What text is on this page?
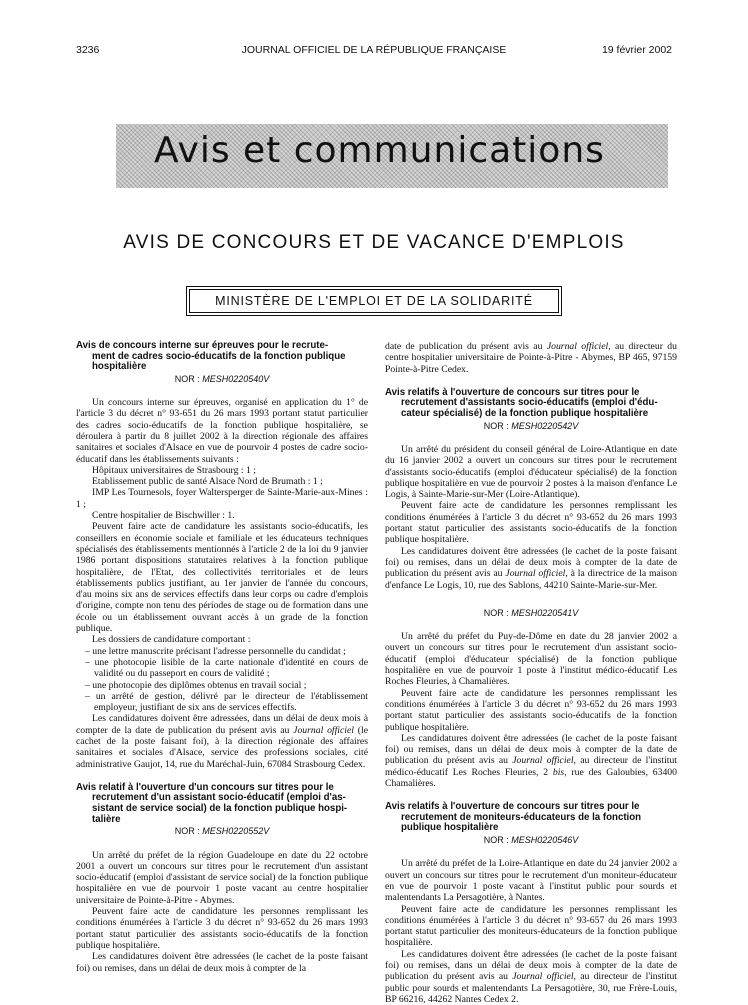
3236	JOURNAL OFFICIEL DE LA RÉPUBLIQUE FRANÇAISE	19 février 2002
Avis et communications
AVIS DE CONCOURS ET DE VACANCE D'EMPLOIS
MINISTÈRE DE L'EMPLOI ET DE LA SOLIDARITÉ
Avis de concours interne sur épreuves pour le recrute-
ment de cadres socio-éducatifs de la fonction publique
hospitalière
NOR : MESH0220540V

Un concours interne sur épreuves, organisé en application du 1° de l'article 3 du décret n° 93-651 du 26 mars 1993 portant statut particulier des cadres socio-éducatifs de la fonction publique hospitalière, se déroulera à partir du 8 juillet 2002 à la direction régionale des affaires sanitaires et sociales d'Alsace en vue de pourvoir 4 postes de cadre socio-éducatif dans les établissements suivants :

Hôpitaux universitaires de Strasbourg : 1 ;

Etablissement public de santé Alsace Nord de Brumath : 1 ;

IMP Les Tournesols, foyer Waltersperger de Sainte-Marie-aux-Mines : 1 ;

Centre hospitalier de Bischwiller : 1.

Peuvent faire acte de candidature les assistants socio-éducatifs, les conseillers en économie sociale et familiale et les éducateurs techniques spécialisés des établissements mentionnés à l'article 2 de la loi du 9 janvier 1986 portant dispositions statutaires relatives à la fonction publique hospitalière, de l'Etat, des collectivités territoriales et de leurs établissements publics justifiant, au 1er janvier de l'année du concours, d'au moins six ans de services effectifs dans leur corps ou cadre d'emplois d'origine, compte non tenu des périodes de stage ou de formation dans une école ou un établissement ouvrant accès à un grade de la fonction publique.

Les dossiers de candidature comportant :

– une lettre manuscrite précisant l'adresse personnelle du candidat ;

– une photocopie lisible de la carte nationale d'identité en cours de validité ou du passeport en cours de validité ;

– une photocopie des diplômes obtenus en travail social ;

– un arrêté de gestion, délivré par le directeur de l'établissement employeur, justifiant de six ans de services effectifs.

Les candidatures doivent être adressées, dans un délai de deux mois à compter de la date de publication du présent avis au Journal officiel (le cachet de la poste faisant foi), à la direction régionale des affaires sanitaires et sociales d'Alsace, service des professions sociales, cité administrative Gaujot, 14, rue du Maréchal-Juin, 67084 Strasbourg Cedex.

Avis relatif à l'ouverture d'un concours sur titres pour le
recrutement d'un assistant socio-éducatif (emploi d'as-
sistant de service social) de la fonction publique hospi-
talière
NOR : MESH0220552V

Un arrêté du préfet de la région Guadeloupe en date du 22 octobre 2001 a ouvert un concours sur titres pour le recrutement d'un assistant socio-éducatif (emploi d'assistant de service social) de la fonction publique hospitalière en vue de pourvoir 1 poste vacant au centre hospitalier universitaire de Pointe-à-Pitre - Abymes.

Peuvent faire acte de candidature les personnes remplissant les conditions énumérées à l'article 3 du décret n° 93-652 du 26 mars 1993 portant statut particulier des assistants socio-éducatifs de la fonction publique hospitalière.

Les candidatures doivent être adressées (le cachet de la poste faisant foi) ou remises, dans un délai de deux mois à compter de la

date de publication du présent avis au Journal officiel, au directeur du centre hospitalier universitaire de Pointe-à-Pitre - Abymes, BP 465, 97159 Pointe-à-Pitre Cedex.

Avis relatifs à l'ouverture de concours sur titres pour le
recrutement d'assistants socio-éducatifs (emploi d'édu-
cateur spécialisé) de la fonction publique hospitalière
NOR : MESH0220542V

Un arrêté du président du conseil général de Loire-Atlantique en date du 16 janvier 2002 a ouvert un concours sur titres pour le recrutement d'assistants socio-éducatifs (emploi d'éducateur spécialisé) de la fonction publique hospitalière en vue de pourvoir 2 postes à la maison d'enfance Le Logis, à Sainte-Marie-sur-Mer (Loire-Atlantique).

Peuvent faire acte de candidature les personnes remplissant les conditions énumérées à l'article 3 du décret n° 93-652 du 26 mars 1993 portant statut particulier des assistants socio-éducatifs de la fonction publique hospitalière.

Les candidatures doivent être adressées (le cachet de la poste faisant foi) ou remises, dans un délai de deux mois à compter de la date de publication du présent avis au Journal officiel, à la directrice de la maison d'enfance Le Logis, 10, rue des Sablons, 44210 Sainte-Marie-sur-Mer.

NOR : MESH0220541V

Un arrêté du préfet du Puy-de-Dôme en date du 28 janvier 2002 a ouvert un concours sur titres pour le recrutement d'un assistant socio-éducatif (emploi d'éducateur spécialisé) de la fonction publique hospitalière en vue de pourvoir 1 poste à l'institut médico-éducatif Les Roches Fleuries, à Chamalières.

Peuvent faire acte de candidature les personnes remplissant les conditions énumérées à l'article 3 du décret n° 93-652 du 26 mars 1993 portant statut particulier des assistants socio-éducatifs de la fonction publique hospitalière.

Les candidatures doivent être adressées (le cachet de la poste faisant foi) ou remises, dans un délai de deux mois à compter de la date de publication du présent avis au Journal officiel, au directeur de l'institut médico-éducatif Les Roches Fleuries, 2 bis, rue des Galoubies, 63400 Chamalières.

Avis relatifs à l'ouverture de concours sur titres pour le
recrutement de moniteurs-éducateurs de la fonction
publique hospitalière
NOR : MESH0220546V

Un arrêté du préfet de la Loire-Atlantique en date du 24 janvier 2002 a ouvert un concours sur titres pour le recrutement d'un moniteur-éducateur en vue de pourvoir 1 poste vacant à l'institut public pour sourds et malentendants La Persagotière, à Nantes.

Peuvent faire acte de candidature les personnes remplissant les conditions énumérées à l'article 3 du décret n° 93-657 du 26 mars 1993 portant statut particulier des moniteurs-éducateurs de la fonction publique hospitalière.

Les candidatures doivent être adressées (le cachet de la poste faisant foi) ou remises, dans un délai de deux mois à compter de la date de publication du présent avis au Journal officiel, au directeur de l'institut public pour sourds et malentendants La Persagotière, 30, rue Frère-Louis, BP 66216, 44262 Nantes Cedex 2.
